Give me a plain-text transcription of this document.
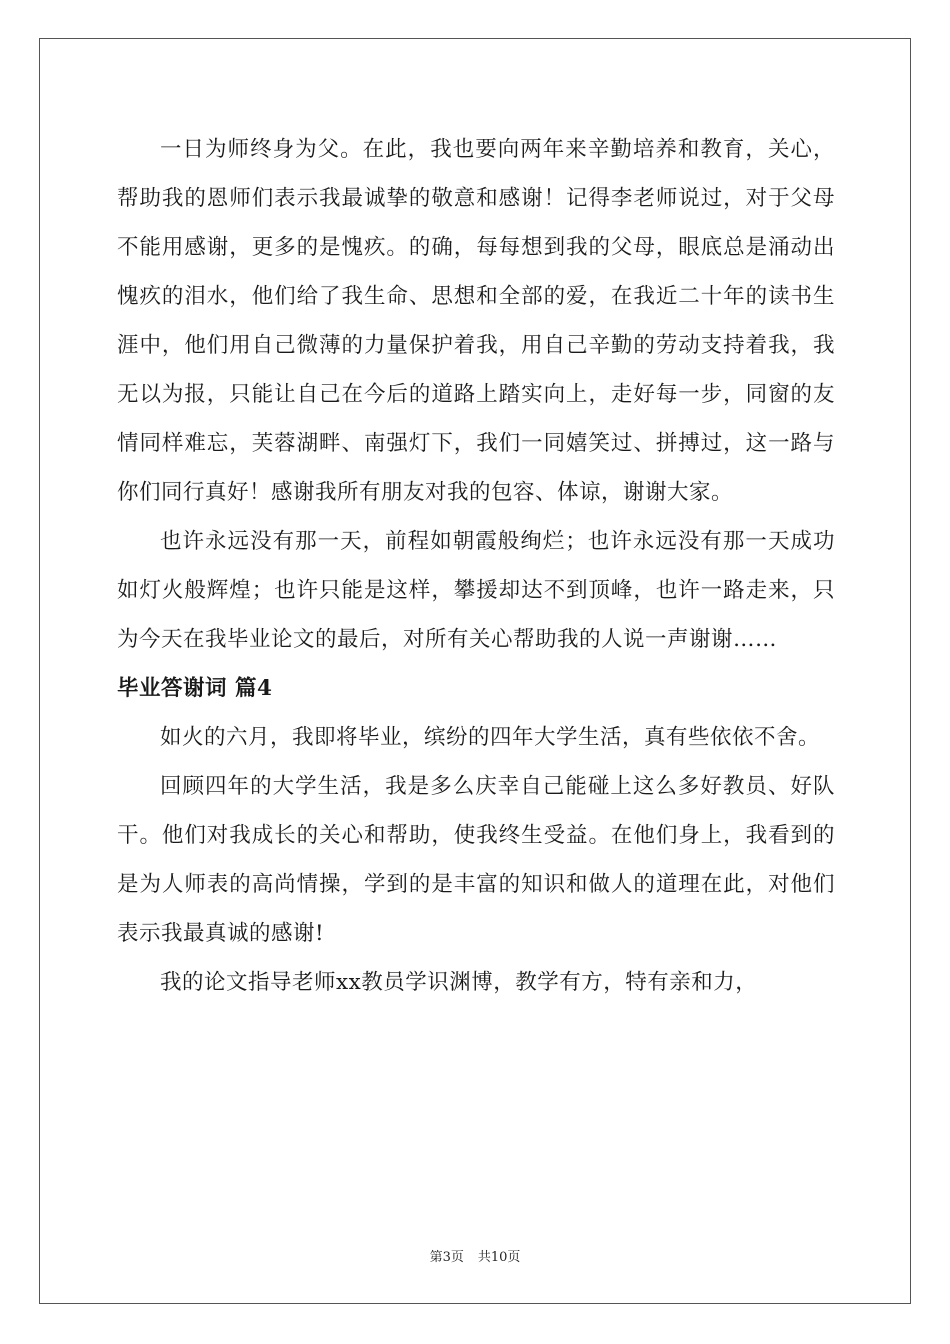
一日为师终身为父。在此，我也要向两年来辛勤培养和教育，关心，帮助我的恩师们表示我最诚挚的敬意和感谢！记得李老师说过，对于父母不能用感谢，更多的是愧疚。的确，每每想到我的父母，眼底总是涌动出愧疚的泪水，他们给了我生命、思想和全部的爱，在我近二十年的读书生涯中，他们用自己微薄的力量保护着我，用自己辛勤的劳动支持着我，我无以为报，只能让自己在今后的道路上踏实向上，走好每一步，同窗的友情同样难忘，芙蓉湖畔、南强灯下，我们一同嬉笑过、拼搏过，这一路与你们同行真好！感谢我所有朋友对我的包容、体谅，谢谢大家。

也许永远没有那一天，前程如朝霞般绚烂；也许永远没有那一天成功如灯火般辉煌；也许只能是这样，攀援却达不到顶峰，也许一路走来，只为今天在我毕业论文的最后，对所有关心帮助我的人说一声谢谢……

毕业答谢词 篇4

如火的六月，我即将毕业，缤纷的四年大学生活，真有些依依不舍。

回顾四年的大学生活，我是多么庆幸自己能碰上这么多好教员、好队干。他们对我成长的关心和帮助，使我终生受益。在他们身上，我看到的是为人师表的高尚情操，学到的是丰富的知识和做人的道理在此，对他们表示我最真诚的感谢!

我的论文指导老师xx教员学识渊博，教学有方，特有亲和力，

第3页 共10页
